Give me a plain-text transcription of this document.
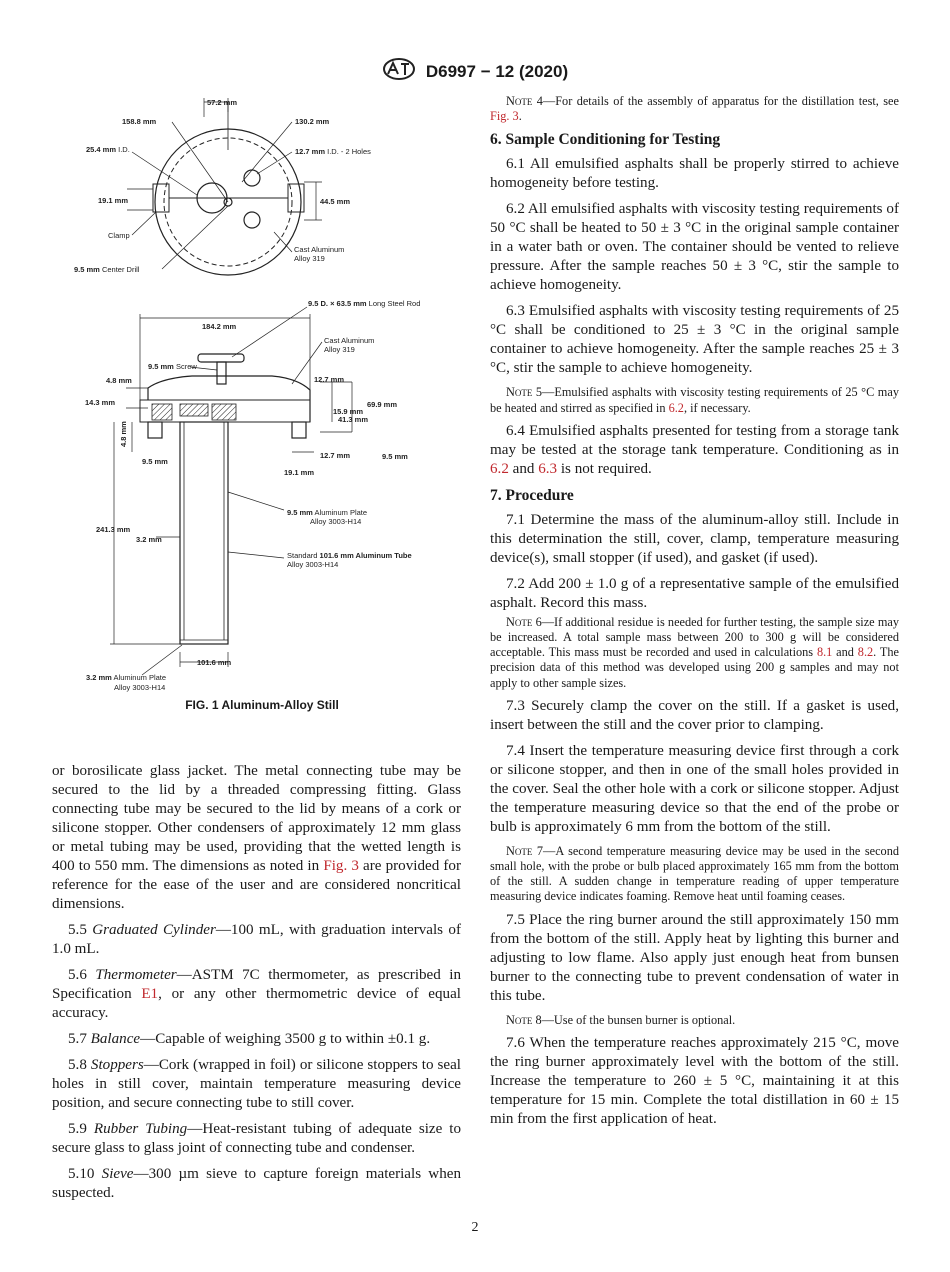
D6997 − 12 (2020)
57.2 mm
158.8 mm	130.2 mm
25.4 mm I.D.	12.7 mm I.D. - 2 Holes
19.1 mm	44.5 mm
Clamp
Cast Aluminum
Alloy 319
9.5 mm Center Drill
9.5 D. × 63.5 mm Long Steel Rod
184.2 mm
Cast Aluminum
Alloy 319
9.5 mm Screw
4.8 mm
14.3 mm
12.7 mm
15.9 mm
69.9 mm
41.3 mm
4.8 mm
9.5 mm
12.7 mm	9.5 mm
19.1 mm
9.5 mm Aluminum Plate
Alloy 3003-H14
241.3 mm
3.2 mm
Standard 101.6 mm Aluminum Tube
Alloy 3003-H14
101.6 mm
3.2 mm Aluminum Plate
Alloy 3003-H14
FIG. 1 Aluminum-Alloy Still

or borosilicate glass jacket. The metal connecting tube may be secured to the lid by a threaded compressing fitting. Glass connecting tube may be secured to the lid by means of a cork or silicone stopper. Other condensers of approximately 12 mm glass or metal tubing may be used, providing that the wetted length is 400 to 550 mm. The dimensions as noted in Fig. 3 are provided for reference for the ease of the user and are considered noncritical dimensions.

5.5 Graduated Cylinder—100 mL, with graduation intervals of 1.0 mL.

5.6 Thermometer—ASTM 7C thermometer, as prescribed in Specification E1, or any other thermometric device of equal accuracy.

5.7 Balance—Capable of weighing 3500 g to within ±0.1 g.

5.8 Stoppers—Cork (wrapped in foil) or silicone stoppers to seal holes in still cover, maintain temperature measuring device position, and secure connecting tube to still cover.

5.9 Rubber Tubing—Heat-resistant tubing of adequate size to secure glass to glass joint of connecting tube and condenser.

5.10 Sieve—300 µm sieve to capture foreign materials when suspected.

Note 4—For details of the assembly of apparatus for the distillation test, see Fig. 3.

6. Sample Conditioning for Testing

6.1 All emulsified asphalts shall be properly stirred to achieve homogeneity before testing.

6.2 All emulsified asphalts with viscosity testing requirements of 50 °C shall be heated to 50 ± 3 °C in the original sample container in a water bath or oven. The container should be vented to relieve pressure. After the sample reaches 50 ± 3 °C, stir the sample to achieve homogeneity.

6.3 Emulsified asphalts with viscosity testing requirements of 25 °C shall be conditioned to 25 ± 3 °C in the original sample container to achieve homogeneity. After the sample reaches 25 ± 3 °C, stir the sample to achieve homogeneity.

Note 5—Emulsified asphalts with viscosity testing requirements of 25 °C may be heated and stirred as specified in 6.2, if necessary.

6.4 Emulsified asphalts presented for testing from a storage tank may be tested at the storage tank temperature. Conditioning as in 6.2 and 6.3 is not required.

7. Procedure

7.1 Determine the mass of the aluminum-alloy still. Include in this determination the still, cover, clamp, temperature measuring device(s), small stopper (if used), and gasket (if used).

7.2 Add 200 ± 1.0 g of a representative sample of the emulsified asphalt. Record this mass.

Note 6—If additional residue is needed for further testing, the sample size may be increased. A total sample mass between 200 to 300 g will be considered acceptable. This mass must be recorded and used in calculations 8.1 and 8.2. The precision data of this method was developed using 200 g samples and may not apply to other sample sizes.

7.3 Securely clamp the cover on the still. If a gasket is used, insert between the still and the cover prior to clamping.

7.4 Insert the temperature measuring device first through a cork or silicone stopper, and then in one of the small holes provided in the cover. Seal the other hole with a cork or silicone stopper. Adjust the temperature measuring device so that the end of the probe or bulb is approximately 6 mm from the bottom of the still.

Note 7—A second temperature measuring device may be used in the second small hole, with the probe or bulb placed approximately 165 mm from the bottom of the still. A sudden change in temperature reading of upper temperature measuring device indicates foaming. Remove heat until foaming ceases.

7.5 Place the ring burner around the still approximately 150 mm from the bottom of the still. Apply heat by lighting this burner and adjusting to low flame. Also apply just enough heat from bunsen burner to the connecting tube to prevent condensation of water in this tube.

Note 8—Use of the bunsen burner is optional.

7.6 When the temperature reaches approximately 215 °C, move the ring burner approximately level with the bottom of the still. Increase the temperature to 260 ± 5 °C, maintaining it at this temperature for 15 min. Complete the total distillation in 60 ± 15 min from the first application of heat.

2
